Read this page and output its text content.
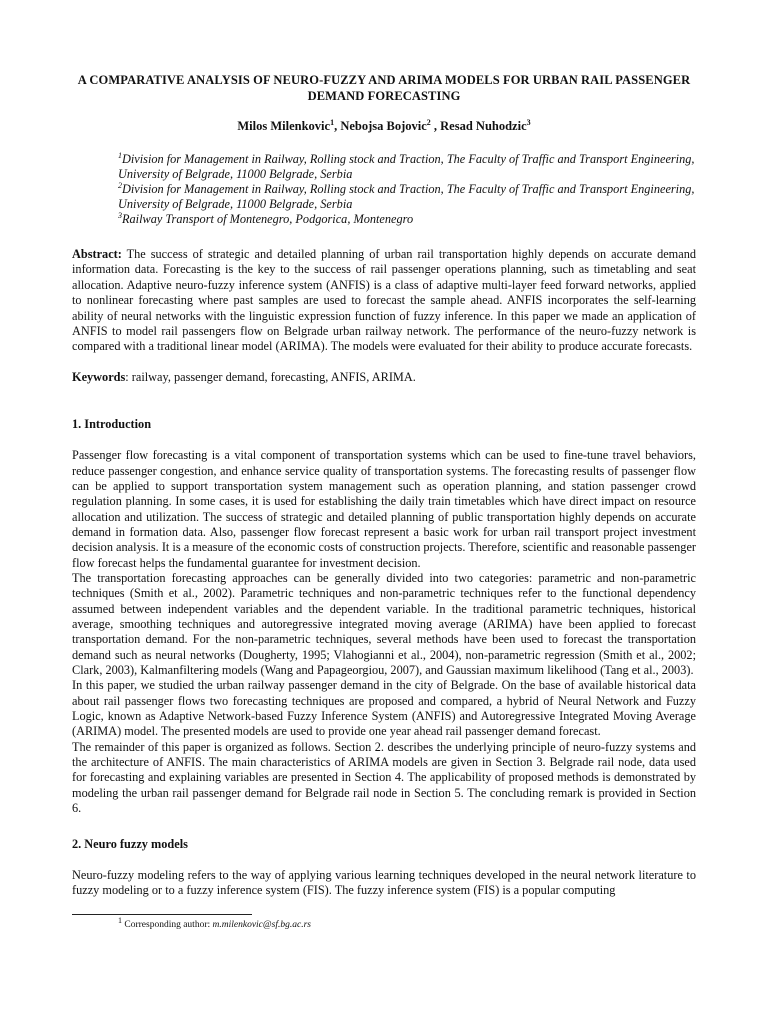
A COMPARATIVE ANALYSIS OF NEURO-FUZZY AND ARIMA MODELS FOR URBAN RAIL PASSENGER DEMAND FORECASTING
Milos Milenkovic$^1$, Nebojsa Bojovic$^2$ , Resad Nuhodzic$^3$

$^1$Division for Management in Railway, Rolling stock and Traction, The Faculty of Traffic and Transport Engineering, University of Belgrade, 11000 Belgrade, Serbia

$^2$Division for Management in Railway, Rolling stock and Traction, The Faculty of Traffic and Transport Engineering, University of Belgrade, 11000 Belgrade, Serbia

$^3$Railway Transport of Montenegro, Podgorica, Montenegro

Abstract: The success of strategic and detailed planning of urban rail transportation highly depends on accurate demand information data. Forecasting is the key to the success of rail passenger operations planning, such as timetabling and seat allocation. Adaptive neuro-fuzzy inference system (ANFIS) is a class of adaptive multi-layer feed forward networks, applied to nonlinear forecasting where past samples are used to forecast the sample ahead. ANFIS incorporates the self-learning ability of neural networks with the linguistic expression function of fuzzy inference. In this paper we made an application of ANFIS to model rail passengers flow on Belgrade urban railway network. The performance of the neuro-fuzzy network is compared with a traditional linear model (ARIMA). The models were evaluated for their ability to produce accurate forecasts.
Keywords: railway, passenger demand, forecasting, ANFIS, ARIMA.
1. Introduction

Passenger flow forecasting is a vital component of transportation systems which can be used to fine-tune travel behaviors, reduce passenger congestion, and enhance service quality of transportation systems. The forecasting results of passenger flow can be applied to support transportation system management such as operation planning, and station passenger crowd regulation planning. In some cases, it is used for establishing the daily train timetables which have direct impact on resource allocation and utilization. The success of strategic and detailed planning of public transportation highly depends on accurate demand in formation data. Also, passenger flow forecast represent a basic work for urban rail transport project investment decision analysis. It is a measure of the economic costs of construction projects. Therefore, scientific and reasonable passenger flow forecast helps the fundamental guarantee for investment decision.

The transportation forecasting approaches can be generally divided into two categories: parametric and non-parametric techniques (Smith et al., 2002). Parametric techniques and non-parametric techniques refer to the functional dependency assumed between independent variables and the dependent variable. In the traditional parametric techniques, historical average, smoothing techniques and autoregressive integrated moving average (ARIMA) have been applied to forecast transportation demand. For the non-parametric techniques, several methods have been used to forecast the transportation demand such as neural networks (Dougherty, 1995; Vlahogianni et al., 2004), non-parametric regression (Smith et al., 2002; Clark, 2003), Kalmanfiltering models (Wang and Papageorgiou, 2007), and Gaussian maximum likelihood (Tang et al., 2003).

In this paper, we studied the urban railway passenger demand in the city of Belgrade. On the base of available historical data about rail passenger flows two forecasting techniques are proposed and compared, a hybrid of Neural Network and Fuzzy Logic, known as Adaptive Network-based Fuzzy Inference System (ANFIS) and Autoregressive Integrated Moving Average (ARIMA) model. The presented models are used to provide one year ahead rail passenger demand forecast.

The remainder of this paper is organized as follows. Section 2. describes the underlying principle of neuro-fuzzy systems and the architecture of ANFIS. The main characteristics of ARIMA models are given in Section 3. Belgrade rail node, data used for forecasting and explaining variables are presented in Section 4. The applicability of proposed methods is demonstrated by modeling the urban rail passenger demand for Belgrade rail node in Section 5. The concluding remark is provided in Section 6.

2. Neuro fuzzy models

Neuro-fuzzy modeling refers to the way of applying various learning techniques developed in the neural network literature to fuzzy modeling or to a fuzzy inference system (FIS). The fuzzy inference system (FIS) is a popular computing

$^1$ Corresponding author: m.milenkovic@sf.bg.ac.rs
